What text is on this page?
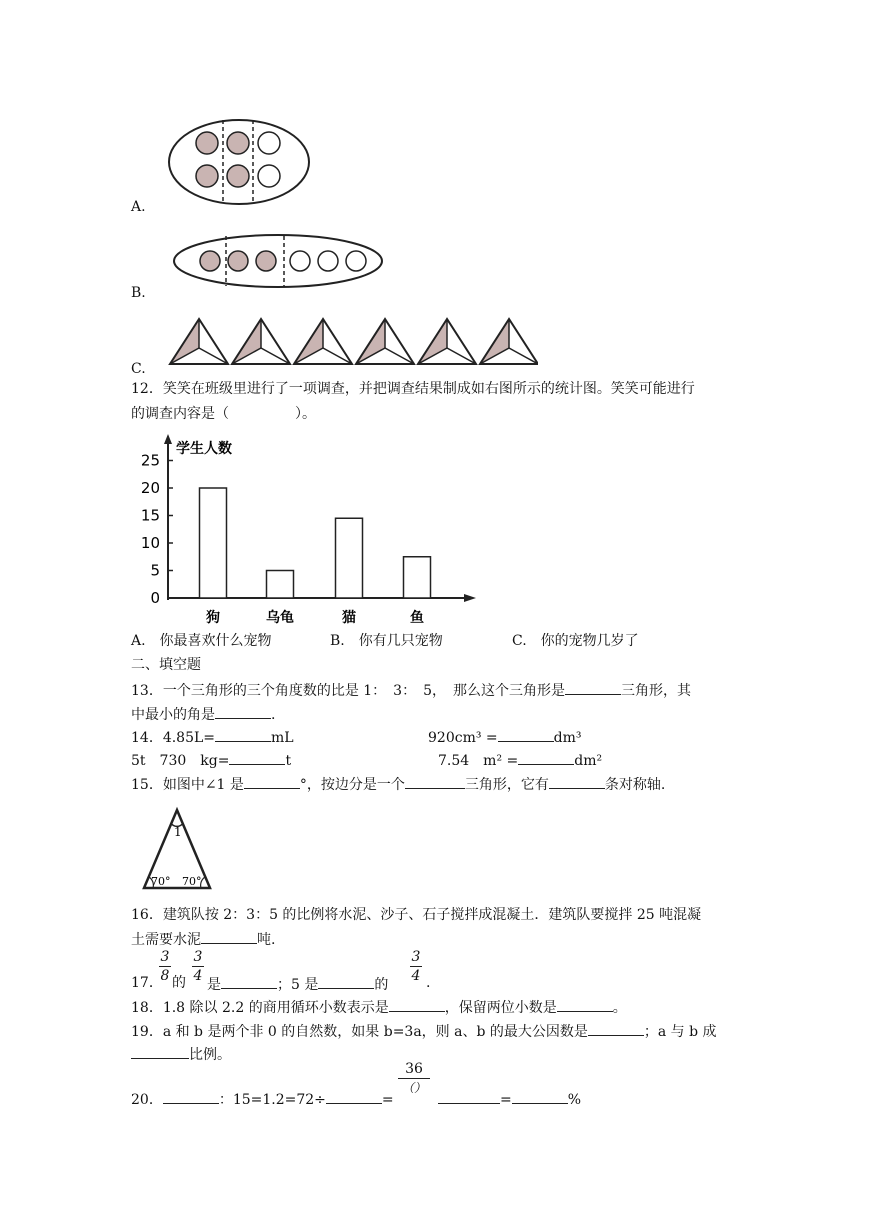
A.
B.
C.
12．笑笑在班级里进行了一项调查，并把调查结果制成如右图所示的统计图。笑笑可能进行
的调查内容是（	）。
学生人数
0
5
10
15
20
25
狗	乌龟	猫	鱼
A.　你最喜欢什么宠物	B.　你有几只宠物	C.　你的宠物几岁了
二、填空题
13．一个三角形的三个角度数的比是 1：　3：　5，　那么这个三角形是	三角形，其
中最小的角是	.
14．4.85L=	mL	920cm³ =	dm³
5t　730　kg=	t	7.54　m² =	dm²
15．如图中∠1 是	°，按边分是一个	三角形，它有	条对称轴.
1
70° 70°
16．建筑队按 2：3：5 的比例将水泥、沙子、石子搅拌成混凝土．建筑队要搅拌 25 吨混凝
土需要水泥	吨.
17．
3
8 的
3
4
是	；5 是	的
3
4 .
18．1.8 除以 2.2 的商用循环小数表示是	，保留两位小数是	。
19．a 和 b 是两个非 0 的自然数，如果 b=3a，则 a、b 的最大公因数是	；a 与 b 成
比例。
20．	：15=1.2=72÷	=
36
（）
=	%
